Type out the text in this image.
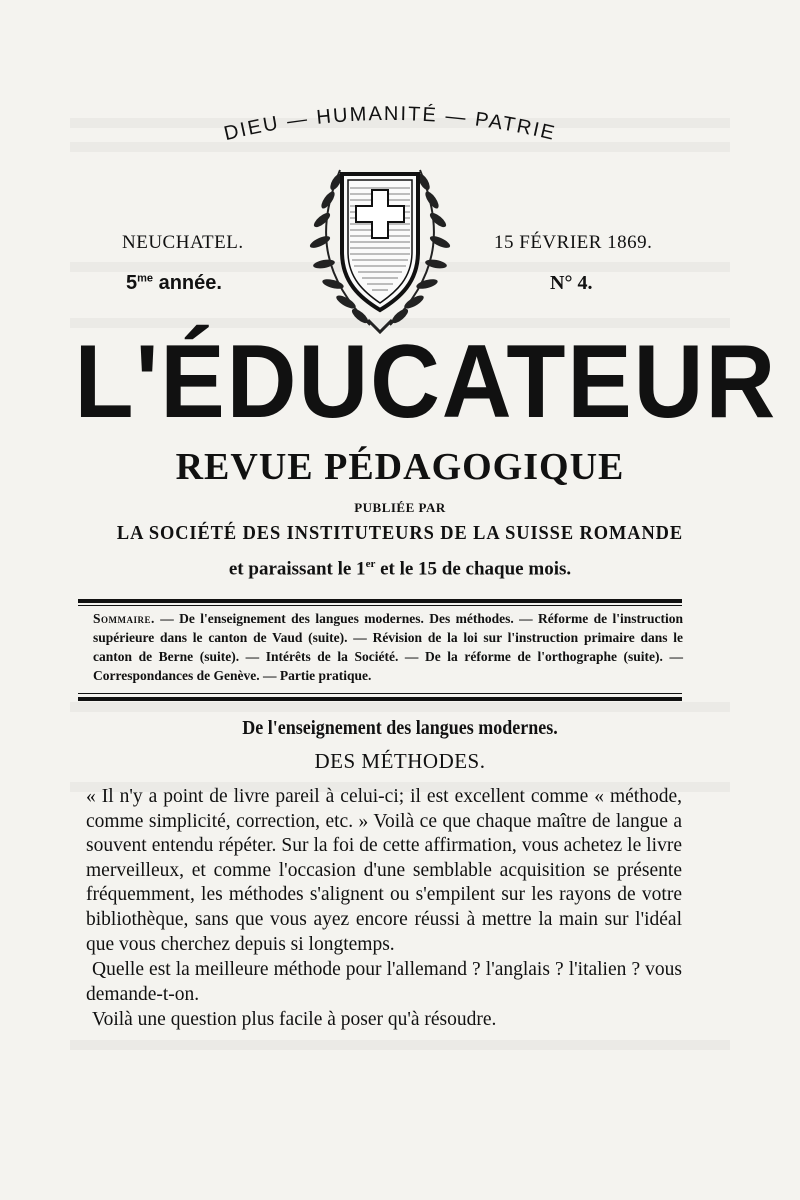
DIEU — HUMANITÉ — PATRIE
NEUCHATEL.	15 FÉVRIER 1869.
$5^{me}$ année.	N° 4.
L'ÉDUCATEUR
REVUE PÉDAGOGIQUE
PUBLIÉE PAR
LA SOCIÉTÉ DES INSTITUTEURS DE LA SUISSE ROMANDE
et paraissant le 1er et le 15 de chaque mois.
Sommaire. — De l'enseignement des langues modernes. Des méthodes. — Réforme de l'instruction supérieure dans le canton de Vaud (suite). — Révision de la loi sur l'instruction primaire dans le canton de Berne (suite). — Intérêts de la Société. — De la réforme de l'orthographe (suite). — Correspondances de Genève. — Partie pratique.
De l'enseignement des langues modernes.
DES MÉTHODES.

« Il n'y a point de livre pareil à celui-ci; il est excellent comme « méthode, comme simplicité, correction, etc. » Voilà ce que chaque maître de langue a souvent entendu répéter. Sur la foi de cette affirmation, vous achetez le livre merveilleux, et comme l'occasion d'une semblable acquisition se présente fréquemment, les méthodes s'alignent ou s'empilent sur les rayons de votre bibliothèque, sans que vous ayez encore réussi à mettre la main sur l'idéal que vous cherchez depuis si longtemps.

Quelle est la meilleure méthode pour l'allemand ? l'anglais ? l'italien ? vous demande-t-on.

Voilà une question plus facile à poser qu'à résoudre.
